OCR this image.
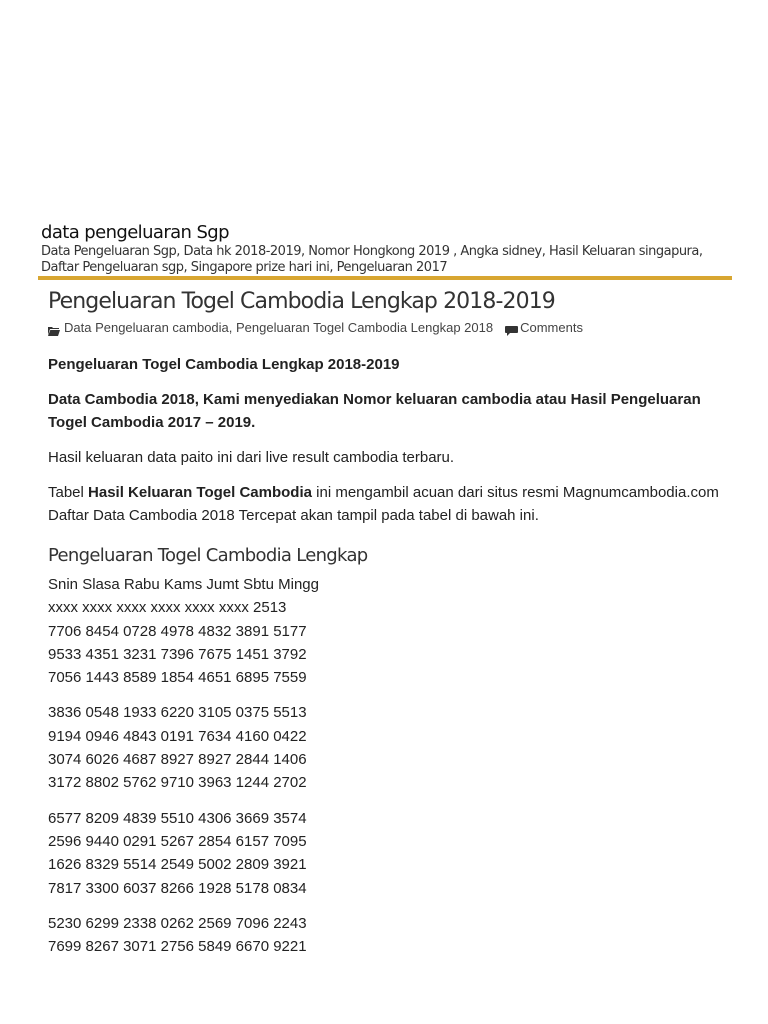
data pengeluaran Sgp
Data Pengeluaran Sgp, Data hk 2018-2019, Nomor Hongkong 2019 , Angka sidney, Hasil Keluaran singapura, Daftar Pengeluaran sgp, Singapore prize hari ini, Pengeluaran 2017
Pengeluaran Togel Cambodia Lengkap 2018-2019
Data Pengeluaran cambodia , Pengeluaran Togel Cambodia Lengkap 2018 Comments

Pengeluaran Togel Cambodia Lengkap 2018-2019

Data Cambodia 2018, Kami menyediakan Nomor keluaran cambodia atau Hasil Pengeluaran Togel Cambodia 2017 – 2019.

Hasil keluaran data paito ini dari live result cambodia terbaru.

Tabel Hasil Keluaran Togel Cambodia ini mengambil acuan dari situs resmi Magnumcambodia.com

Daftar Data Cambodia 2018 Tercepat akan tampil pada tabel di bawah ini.

Pengeluaran Togel Cambodia Lengkap
Snin Slasa Rabu Kams Jumt Sbtu Mingg
xxxx xxxx xxxx xxxx xxxx xxxx 2513
7706 8454 0728 4978 4832 3891 5177
9533 4351 3231 7396 7675 1451 3792
7056 1443 8589 1854 4651 6895 7559
3836 0548 1933 6220 3105 0375 5513
9194 0946 4843 0191 7634 4160 0422
3074 6026 4687 8927 8927 2844 1406
3172 8802 5762 9710 3963 1244 2702
6577 8209 4839 5510 4306 3669 3574
2596 9440 0291 5267 2854 6157 7095
1626 8329 5514 2549 5002 2809 3921
7817 3300 6037 8266 1928 5178 0834
5230 6299 2338 0262 2569 7096 2243
7699 8267 3071 2756 5849 6670 9221
